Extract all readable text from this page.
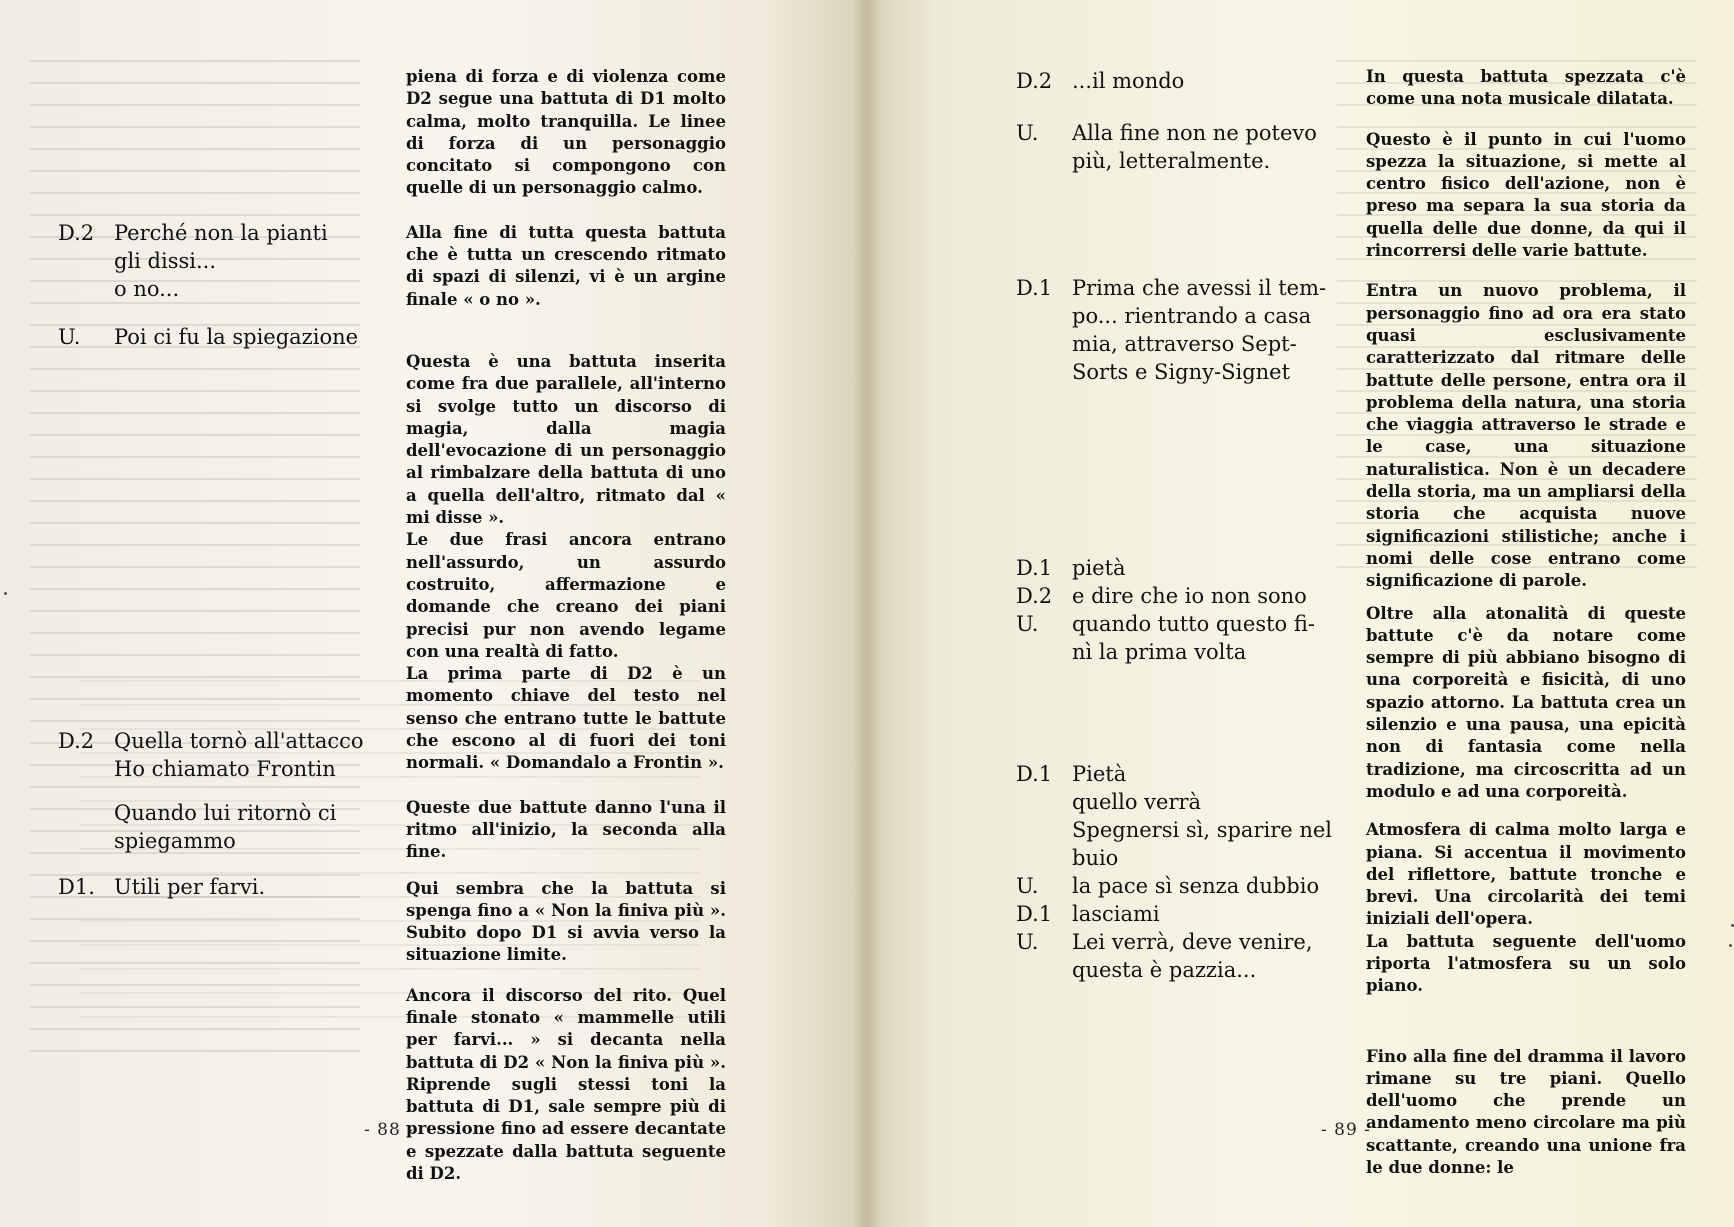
D.2 Perché non la pianti
gli dissi...
o no...
U.	Poi ci fu la spiegazione
D.2 Quella tornò all'attacco
Ho chiamato Frontin
Quando lui ritornò ci
spiegammo
D1. Utili per farvi.

piena di forza e di violenza come D2 segue una battuta di D1 molto calma, molto tranquilla. Le linee di forza di un personaggio concitato si compongono con quelle di un personaggio calmo.

Alla fine di tutta questa battuta che è tutta un crescendo ritmato di spazi di silenzi, vi è un argine finale « o no ».

Questa è una battuta inserita come fra due parallele, all'interno si svolge tutto un discorso di magia, dalla magia dell'evocazione di un personaggio al rimbalzare della battuta di uno a quella dell'altro, ritmato dal « mi disse ».

Le due frasi ancora entrano nell'assurdo, un assurdo costruito, affermazione e domande che creano dei piani precisi pur non avendo legame con una realtà di fatto.

La prima parte di D2 è un momento chiave del testo nel senso che entrano tutte le battute che escono al di fuori dei toni normali. « Domandalo a Frontin ».

Queste due battute danno l'una il ritmo all'inizio, la seconda alla fine.

Qui sembra che la battuta si spenga fino a « Non la finiva più ». Subito dopo D1 si avvia verso la situazione limite.

Ancora il discorso del rito. Quel finale stonato « mammelle utili per farvi... » si decanta nella battuta di D2 « Non la finiva più ». Riprende sugli stessi toni la battuta di D1, sale sempre più di pressione fino ad essere decantate e spezzate dalla battuta seguente di D2.

- 88 -
D.2 ...il mondo
U.	Alla fine non ne potevo
più, letteralmente.
D.1 Prima che avessi il tem-
po... rientrando a casa
mia, attraverso Sept-
Sorts e Signy-Signet
D.1 pietà
D.2 e dire che io non sono
U.	quando tutto questo fi-
nì la prima volta
D.1 Pietà
quello verrà
Spegnersi sì, sparire nel
buio
U.	la pace sì senza dubbio
D.1 lasciami
U.	Lei verrà, deve venire,
questa è pazzia...

In questa battuta spezzata c'è come una nota musicale dilatata.

Questo è il punto in cui l'uomo spezza la situazione, si mette al centro fisico dell'azione, non è preso ma separa la sua storia da quella delle due donne, da qui il rincorrersi delle varie battute.

Entra un nuovo problema, il personaggio fino ad ora era stato quasi esclusivamente caratterizzato dal ritmare delle battute delle persone, entra ora il problema della natura, una storia che viaggia attraverso le strade e le case, una situazione naturalistica. Non è un decadere della storia, ma un ampliarsi della storia che acquista nuove significazioni stilistiche; anche i nomi delle cose entrano come significazione di parole.

Oltre alla atonalità di queste battute c'è da notare come sempre di più abbiano bisogno di una corporeità e fisicità, di uno spazio attorno. La battuta crea un silenzio e una pausa, una epicità non di fantasia come nella tradizione, ma circoscritta ad un modulo e ad una corporeità.

Atmosfera di calma molto larga e piana. Si accentua il movimento del riflettore, battute tronche e brevi. Una circolarità dei temi iniziali dell'opera.

La battuta seguente dell'uomo riporta l'atmosfera su un solo piano.

Fino alla fine del dramma il lavoro rimane su tre piani. Quello dell'uomo che prende un andamento meno circolare ma più scattante, creando una unione fra le due donne: le

- 89 -
